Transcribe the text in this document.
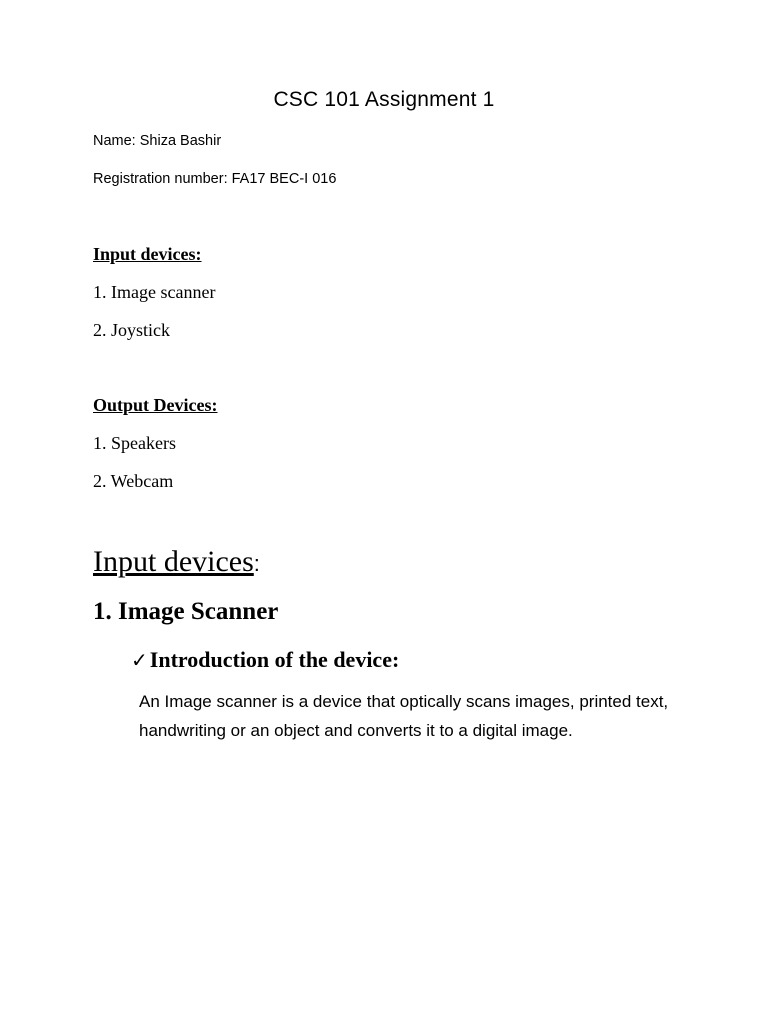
CSC 101 Assignment 1
Name: Shiza Bashir
Registration number: FA17 BEC-I 016
Input devices:
1. Image scanner
2. Joystick
Output Devices:
1. Speakers
2. Webcam
Input devices:
1. Image Scanner
✓Introduction of the device:
An Image scanner is a device that optically scans images, printed text, handwriting or an object and converts it to a digital image.
